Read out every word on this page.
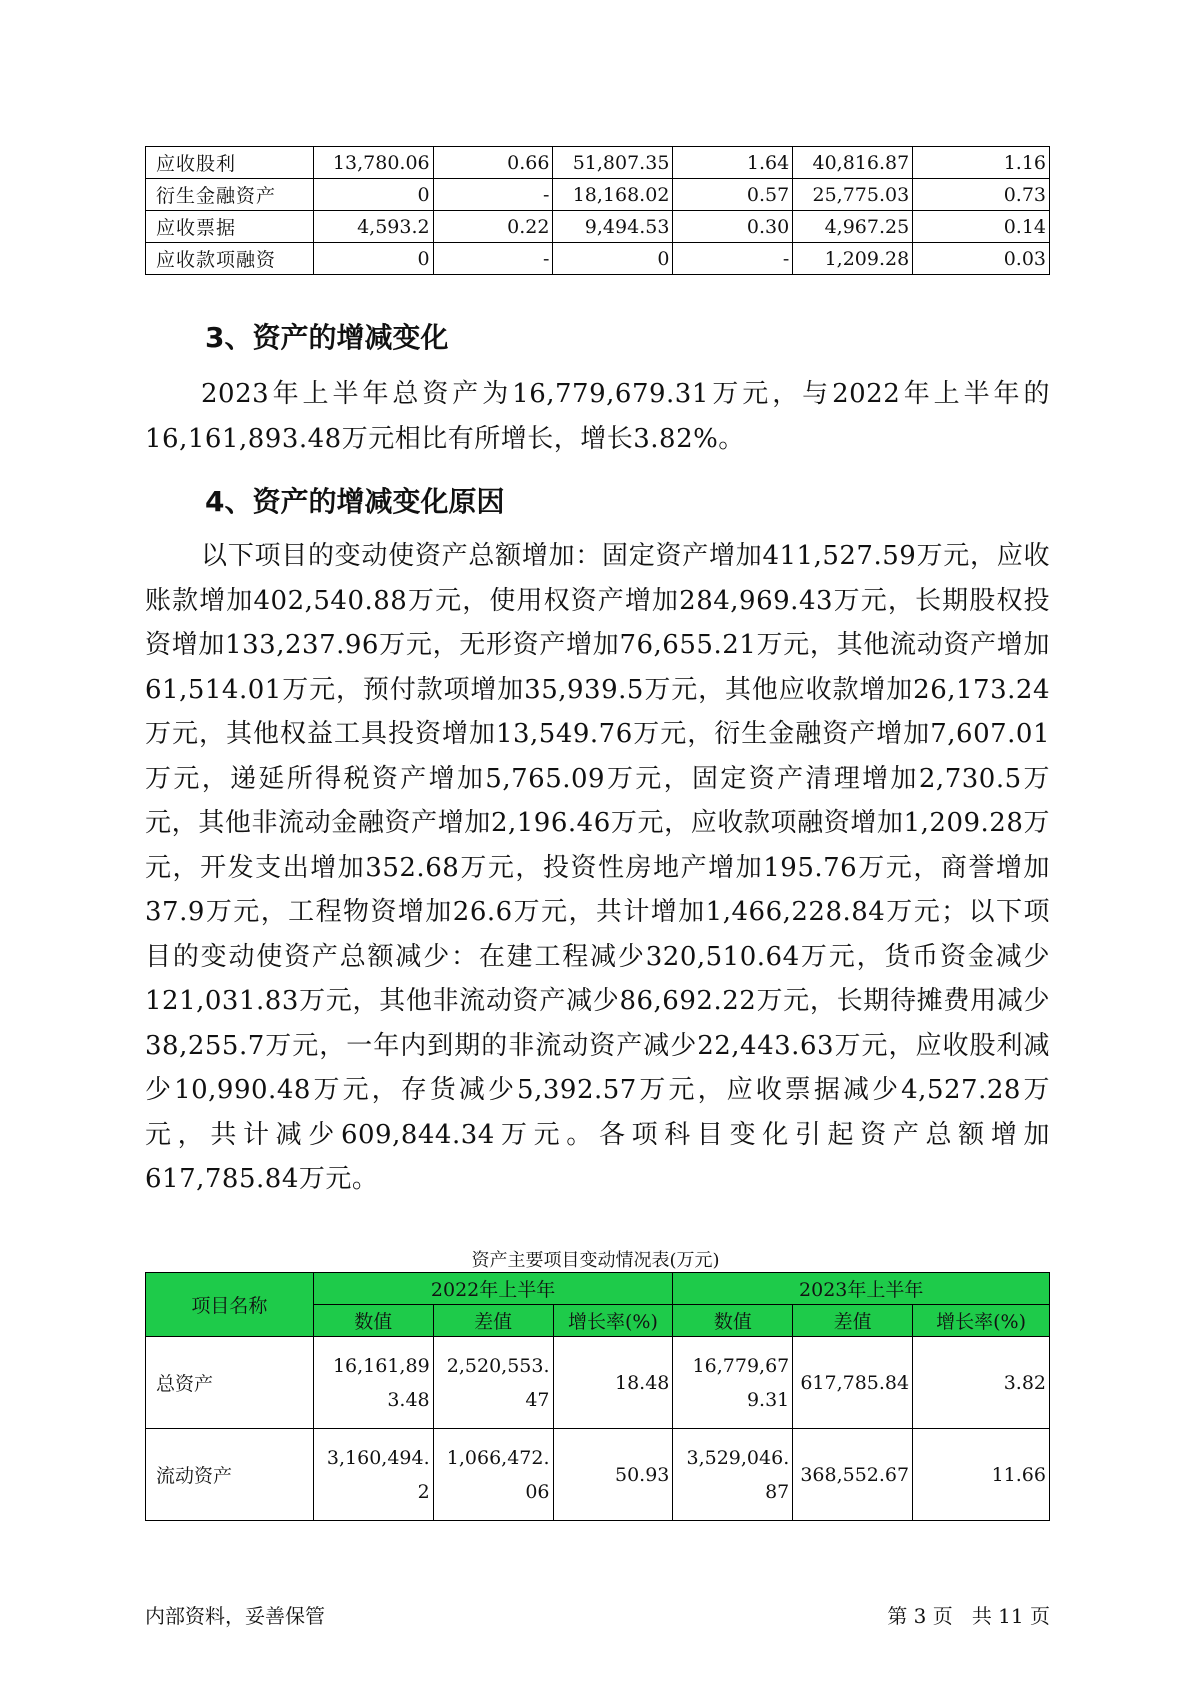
应收股利	13,780.06	0.66	51,807.35	1.64	40,816.87	1.16
衍生金融资产	0	-	18,168.02	0.57	25,775.03	0.73
应收票据	4,593.2	0.22	9,494.53	0.30	4,967.25	0.14
应收款项融资	0	-	0	-	1,209.28	0.03
3、资产的增减变化
2023年上半年总资产为16,779,679.31万元，与2022年上半年的16,161,893.48万元相比有所增长，增长3.82%。
4、资产的增减变化原因
以下项目的变动使资产总额增加：固定资产增加411,527.59万元，应收账款增加402,540.88万元，使用权资产增加284,969.43万元，长期股权投资增加133,237.96万元，无形资产增加76,655.21万元，其他流动资产增加61,514.01万元，预付款项增加35,939.5万元，其他应收款增加26,173.24万元，其他权益工具投资增加13,549.76万元，衍生金融资产增加7,607.01万元，递延所得税资产增加5,765.09万元，固定资产清理增加2,730.5万元，其他非流动金融资产增加2,196.46万元，应收款项融资增加1,209.28万元，开发支出增加352.68万元，投资性房地产增加195.76万元，商誉增加37.9万元，工程物资增加26.6万元，共计增加1,466,228.84万元；以下项目的变动使资产总额减少：在建工程减少320,510.64万元，货币资金减少121,031.83万元，其他非流动资产减少86,692.22万元，长期待摊费用减少38,255.7万元，一年内到期的非流动资产减少22,443.63万元，应收股利减少10,990.48万元，存货减少5,392.57万元，应收票据减少4,527.28万元，共计减少609,844.34万元。各项科目变化引起资产总额增加617,785.84万元。
资产主要项目变动情况表(万元)
项目名称	2022年上半年			2023年上半年		
	数值	差值	增长率(%)	数值	差值	增长率(%)
总资产	16,161,893.48	2,520,553.47	18.48	16,779,679.31	617,785.84	3.82
流动资产	3,160,494.2	1,066,472.06	50.93	3,529,046.87	368,552.67	11.66
内部资料，妥善保管	第 3 页   共 11 页
